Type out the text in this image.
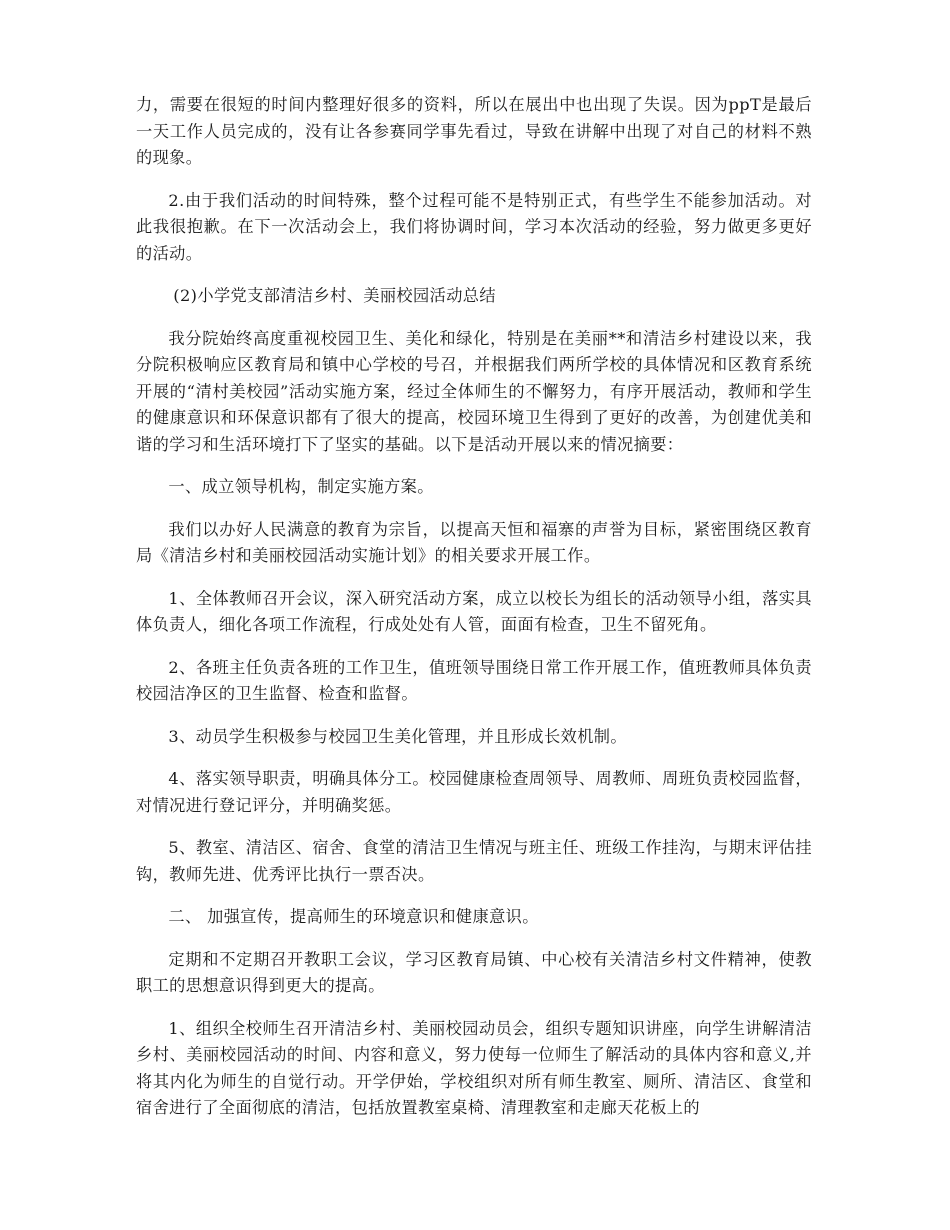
力，需要在很短的时间内整理好很多的资料，所以在展出中也出现了失误。因为ppT是最后一天工作人员完成的，没有让各参赛同学事先看过，导致在讲解中出现了对自己的材料不熟的现象。

2.由于我们活动的时间特殊，整个过程可能不是特别正式，有些学生不能参加活动。对此我很抱歉。在下一次活动会上，我们将协调时间，学习本次活动的经验，努力做更多更好的活动。

(2)小学党支部清洁乡村、美丽校园活动总结

我分院始终高度重视校园卫生、美化和绿化，特别是在美丽**和清洁乡村建设以来，我分院积极响应区教育局和镇中心学校的号召，并根据我们两所学校的具体情况和区教育系统开展的“清村美校园”活动实施方案，经过全体师生的不懈努力，有序开展活动，教师和学生的健康意识和环保意识都有了很大的提高，校园环境卫生得到了更好的改善，为创建优美和谐的学习和生活环境打下了坚实的基础。以下是活动开展以来的情况摘要：

一、成立领导机构，制定实施方案。

我们以办好人民满意的教育为宗旨，以提高天恒和福寨的声誉为目标，紧密围绕区教育局《清洁乡村和美丽校园活动实施计划》的相关要求开展工作。

1、全体教师召开会议，深入研究活动方案，成立以校长为组长的活动领导小组，落实具体负责人，细化各项工作流程，行成处处有人管，面面有检查，卫生不留死角。

2、各班主任负责各班的工作卫生，值班领导围绕日常工作开展工作，值班教师具体负责校园洁净区的卫生监督、检查和监督。

3、动员学生积极参与校园卫生美化管理，并且形成长效机制。

4、落实领导职责，明确具体分工。校园健康检查周领导、周教师、周班负责校园监督，对情况进行登记评分，并明确奖惩。

5、教室、清洁区、宿舍、食堂的清洁卫生情况与班主任、班级工作挂沟，与期末评估挂钩，教师先进、优秀评比执行一票否决。

二、 加强宣传，提高师生的环境意识和健康意识。

定期和不定期召开教职工会议，学习区教育局镇、中心校有关清洁乡村文件精神，使教职工的思想意识得到更大的提高。

1、组织全校师生召开清洁乡村、美丽校园动员会，组织专题知识讲座，向学生讲解清洁乡村、美丽校园活动的时间、内容和意义，努力使每一位师生了解活动的具体内容和意义,并将其内化为师生的自觉行动。开学伊始，学校组织对所有师生教室、厕所、清洁区、食堂和宿舍进行了全面彻底的清洁，包括放置教室桌椅、清理教室和走廊天花板上的
